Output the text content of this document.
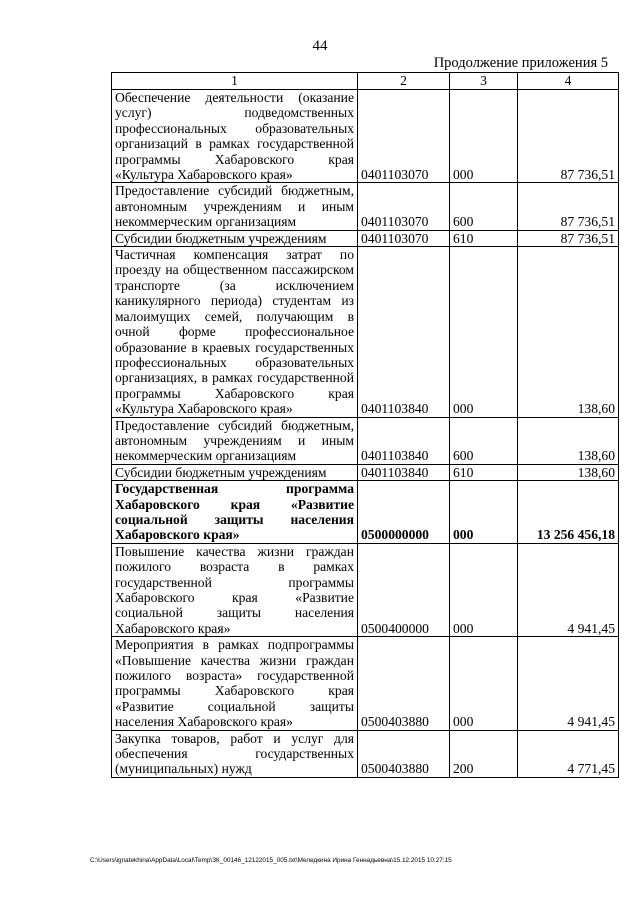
44
Продолжение приложения 5
1	2	3	4
Обеспечение деятельности (оказание услуг) подведомственных профессиональных образовательных организаций в рамках государственной программы Хабаровского края «Культура Хабаровского края»	0401103070	000	87 736,51
Предоставление субсидий бюджетным, автономным учреждениям и иным некоммерческим организациям	0401103070	600	87 736,51
Субсидии бюджетным учреждениям	0401103070	610	87 736,51
Частичная компенсация затрат по проезду на общественном пассажирском транспорте (за исключением каникулярного периода) студентам из малоимущих семей, получающим в очной форме профессиональное образование в краевых государственных профессиональных образовательных организациях, в рамках государственной программы Хабаровского края «Культура Хабаровского края»	0401103840	000	138,60
Предоставление субсидий бюджетным, автономным учреждениям и иным некоммерческим организациям	0401103840	600	138,60
Субсидии бюджетным учреждениям	0401103840	610	138,60
Государственная программа Хабаровского края «Развитие социальной защиты населения Хабаровского края»	0500000000	000	13 256 456,18
Повышение качества жизни граждан пожилого возраста в рамках государственной программы Хабаровского края «Развитие социальной защиты населения Хабаровского края»	0500400000	000	4 941,45
Мероприятия в рамках подпрограммы «Повышение качества жизни граждан пожилого возраста» государственной программы Хабаровского края «Развитие социальной защиты населения Хабаровского края»	0500403880	000	4 941,45
Закупка товаров, работ и услуг для обеспечения государственных (муниципальных) нужд	0500403880	200	4 771,45
C:\Users\ignatekhina\AppData\Local\Temp\ЗК_00146_12122015_005.txt\Меледкина Ирина Геннадьевна\15.12.2015 10:27:15
